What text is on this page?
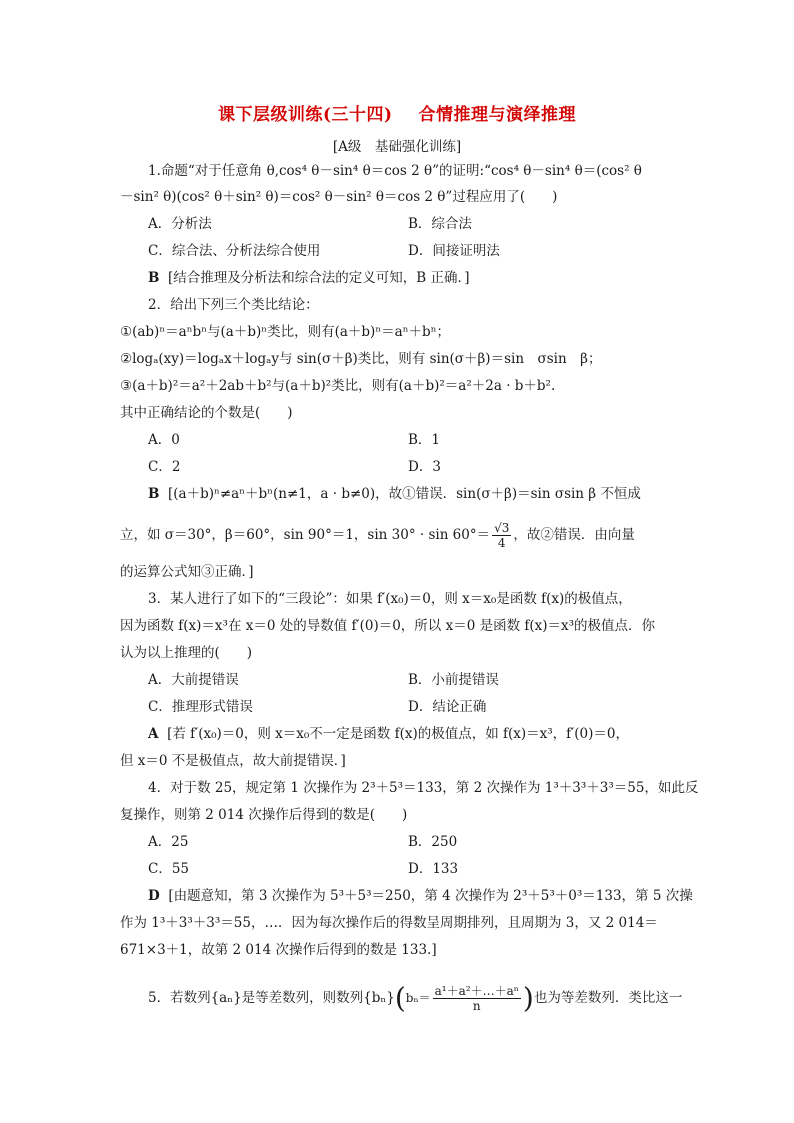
课下层级训练(三十四) 合情推理与演绎推理
[A级　基础强化训练]
1.命题“对于任意角 θ,cos⁴ θ－sin⁴ θ＝cos 2 θ”的证明:“cos⁴ θ－sin⁴ θ＝(cos² θ
－sin² θ)(cos² θ＋sin² θ)＝cos² θ－sin² θ＝cos 2 θ”过程应用了(　　)
A．分析法	B．综合法
C．综合法、分析法综合使用	D．间接证明法
B [结合推理及分析法和综合法的定义可知，B 正确．]
2．给出下列三个类比结论：
①(ab)ⁿ＝aⁿbⁿ与(a＋b)ⁿ类比，则有(a＋b)ⁿ＝aⁿ＋bⁿ；
②logₐ(xy)＝logₐx＋logₐy与 sin(σ＋β)类比，则有 sin(σ＋β)＝sin　σsin　β；
③(a＋b)²＝a²＋2ab＋b²与(a＋b)²类比，则有(a＋b)²＝a²＋2a · b＋b².
其中正确结论的个数是(　　)
A．0	B．1
C．2	D．3
B [(a＋b)ⁿ≠aⁿ＋bⁿ(n≠1，a · b≠0)，故①错误．sin(σ＋β)＝sin σsin β 不恒成
立，如 σ＝30°，β＝60°，sin 90°＝1，$\sin 30^\circ \cdot \sin 60^\circ= \frac{√3}{4}$ ，故②错误．由向量
的运算公式知③正确．]
3．某人进行了如下的“三段论”：如果 f′(x₀)＝0，则 x＝x₀是函数 f(x)的极值点，
因为函数 f(x)＝x³在 x＝0 处的导数值 f′(0)＝0，所以 x＝0 是函数 f(x)＝x³的极值点．你
认为以上推理的(　　)
A．大前提错误	B．小前提错误
C．推理形式错误	D．结论正确
A [若 f′(x₀)＝0，则 x＝x₀不一定是函数 f(x)的极值点，如 f(x)＝x³，f′(0)＝0，
但 x＝0 不是极值点，故大前提错误．]
4．对于数 25，规定第 1 次操作为 2³＋5³＝133，第 2 次操作为 1³＋3³＋3³＝55，如此反
复操作，则第 2 014 次操作后得到的数是(　　)
A．25	B．250
C．55	D．133
D [由题意知，第 3 次操作为 5³＋5³＝250，第 4 次操作为 2³＋5³＋0³＝133，第 5 次操
作为 1³＋3³＋3³＝55，…．因为每次操作后的得数呈周期排列，且周期为 3，又 2 014＝
671×3＋1，故第 2 014 次操作后得到的数是 133.]
5．若数列{aₙ}是等差数列，则数列$\{b_n\}(b_n= \frac{\text{a¹＋a²＋…＋aⁿ}}{n}$ )也为等差数列．类比这一
